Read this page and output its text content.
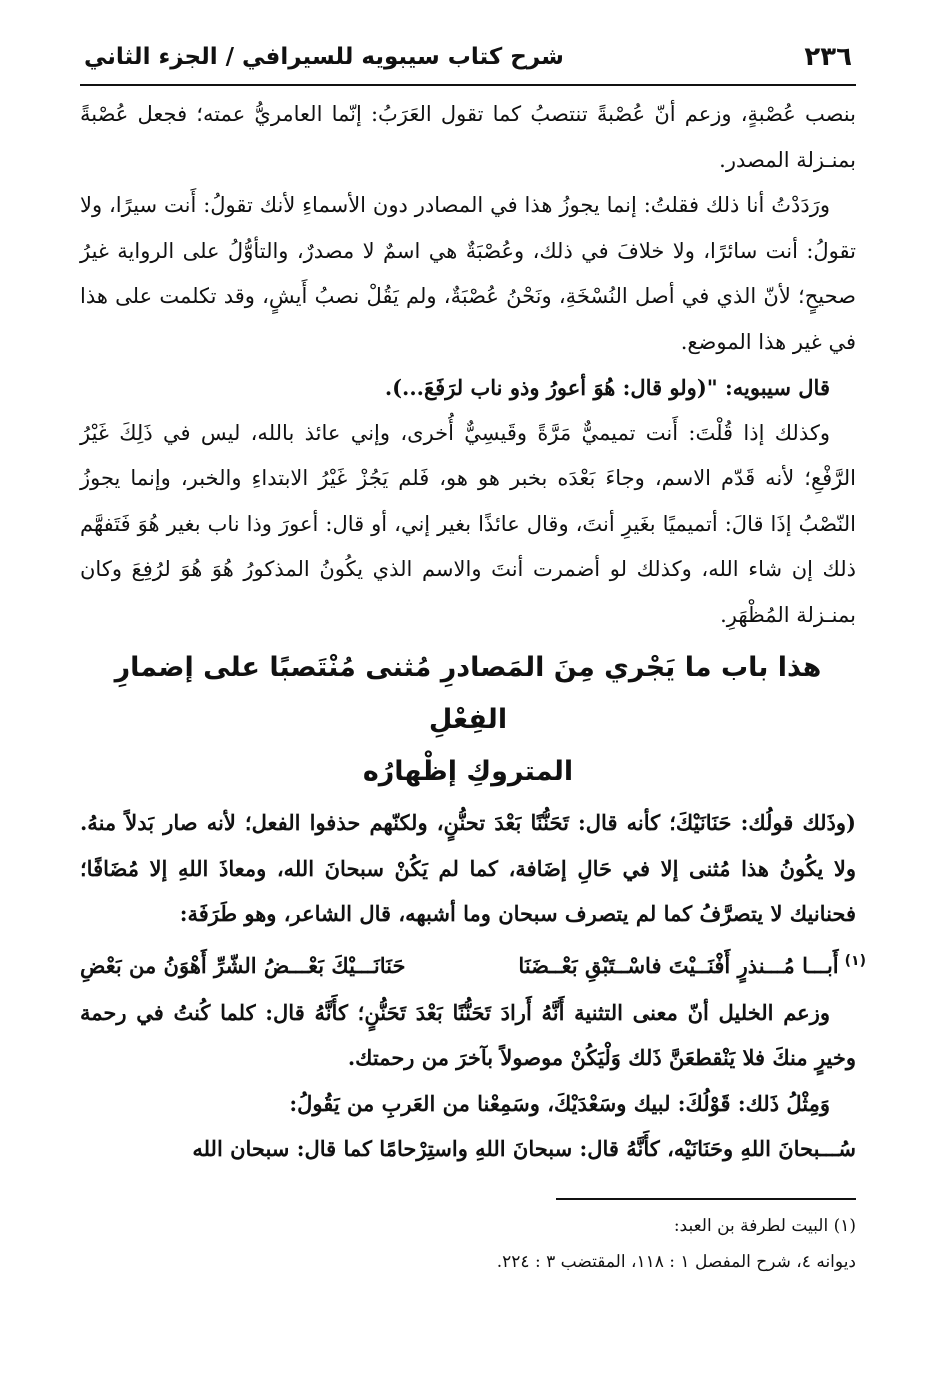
٢٣٦
شرح كتاب سيبويه للسيرافي / الجزء الثاني

بنصب عُصْبةٍ، وزعم أنّ عُصْبةً تنتصبُ كما تقول العَرَبُ: إنّما العامريُّ عمته؛ فجعل عُصْبةً بمنـزلة المصدر.

ورَدَدْتُ أنا ذلك فقلتُ: إنما يجوزُ هذا في المصادر دون الأسماءِ لأنك تقولُ: أَنت سيرًا، ولا تقولُ: أنت سائرًا، ولا خلافَ في ذلك، وعُصْبَةٌ هي اسمٌ لا مصدرٌ، والتأوُّلُ على الرواية غيرُ صحيحٍ؛ لأنّ الذي في أصل النُسْخَةِ، ونَحْنُ عُصْبَةٌ، ولم يَقُلْ نصبُ أَيشٍ، وقد تكلمت على هذا في غير هذا الموضع.

قال سيبويه: "(ولو قال: هُوَ أعورُ وذو ناب لرَفَعَ...).

وكذلك إذا قُلْتَ: أَنت تميميٌّ مَرَّةً وقَيسِيٌّ أُخرى، وإني عائذ بالله، ليس في ذَلِكَ غَيْرُ الرَّفْعِ؛ لأنه قَدّم الاسم، وجاءَ بَعْدَه بخبر هو هو، فَلم يَجُزْ غَيْرُ الابتداءِ والخبر، وإنما يجوزُ النّصْبُ إذَا قالَ: أتميميًا بغَيرِ أنتَ، وقال عائذًا بغير إني، أو قال: أعورَ وذا ناب بغير هُوَ فَتَفهَّم ذلك إن شاء الله، وكذلك لو أضمرت أنتَ والاسم الذي يكُونُ المذكورُ هُوَ هُوَ لرُفِعَ وكان بمنـزلة المُظْهَرِ.

هذا باب ما يَجْري مِنَ المَصادرِ مُثنى مُنْتَصبًا على إضمارِ الفِعْلِ
المتروكِ إظْهارُه

(وذَلك قولُك: حَنَانَيْكَ؛ كأنه قال: تَحَنُّنًا بَعْدَ تحنُّنٍ، ولكنّهم حذفوا الفعل؛ لأنه صار بَدلاً منهُ. ولا يكُونُ هذا مُثنى إلا في حَالِ إضَافة، كما لم يَكُنْ سبحانَ الله، ومعاذَ اللهِ إلا مُضَافًا؛ فحنانيك لا يتصرَّفُ كما لم يتصرف سبحان وما أشبهه، قال الشاعر، وهو طَرَفَة:

$^{(١)}$أَبـــا مُـــنذرٍ أَفْنَــيْتَ فاسْــتَبْقِ بَعْــضَنَا
حَنَانَـــيْكَ بَعْـــضُ الشّرِّ أَهْوَنُ من بَعْضِ

وزعم الخليل أنّ معنى التثنية أَنَّهُ أَرادَ تَحَنُّنًا بَعْدَ تَحَنُّنٍ؛ كأَنَّهُ قال: كلما كُنتُ في رحمة وخيرٍ منكَ فلا يَنْقطعَنَّ ذَلك وَلْيَكُنْ موصولاً بآخرَ من رحمتك.

وَمِثْلُ ذَلك: قَوْلُكَ: لبيك وسَعْدَيْكَ، وسَمِعْنا من العَربِ من يَقُولُ:

سُـــبحانَ اللهِ وحَنَانَيْه، كأَنَّهُ قال: سبحانَ اللهِ واستِرْحامًا كما قال: سبحان الله

(١) البيت لطرفة بن العبد:

ديوانه ٤، شرح المفصل ١ : ١١٨، المقتضب ٣ : ٢٢٤.
